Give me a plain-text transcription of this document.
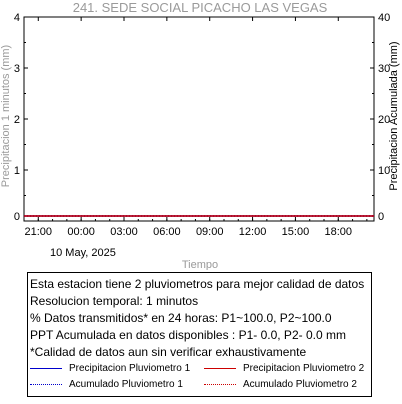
241. SEDE SOCIAL PICACHO LAS VEGAS
0
1
2
3
4
0
10
20
30
40
21:00 00:00 03:00 06:00 09:00 12:00 15:00 18:00
10 May, 2025
Tiempo
Precipitacion 1 minutos (mm)	Precipitacion Acumulada (mm)
Esta estacion tiene 2 pluviometros para mejor calidad de datos
Resolucion temporal: 1 minutos
% Datos transmitidos* en 24 horas: P1~100.0, P2~100.0
PPT Acumulada en datos disponibles : P1- 0.0, P2- 0.0 mm
*Calidad de datos aun sin verificar exhaustivamente
Precipitacion Pluviometro 1	Precipitacion Pluviometro 2
Acumulado Pluviometro 1	Acumulado Pluviometro 2
